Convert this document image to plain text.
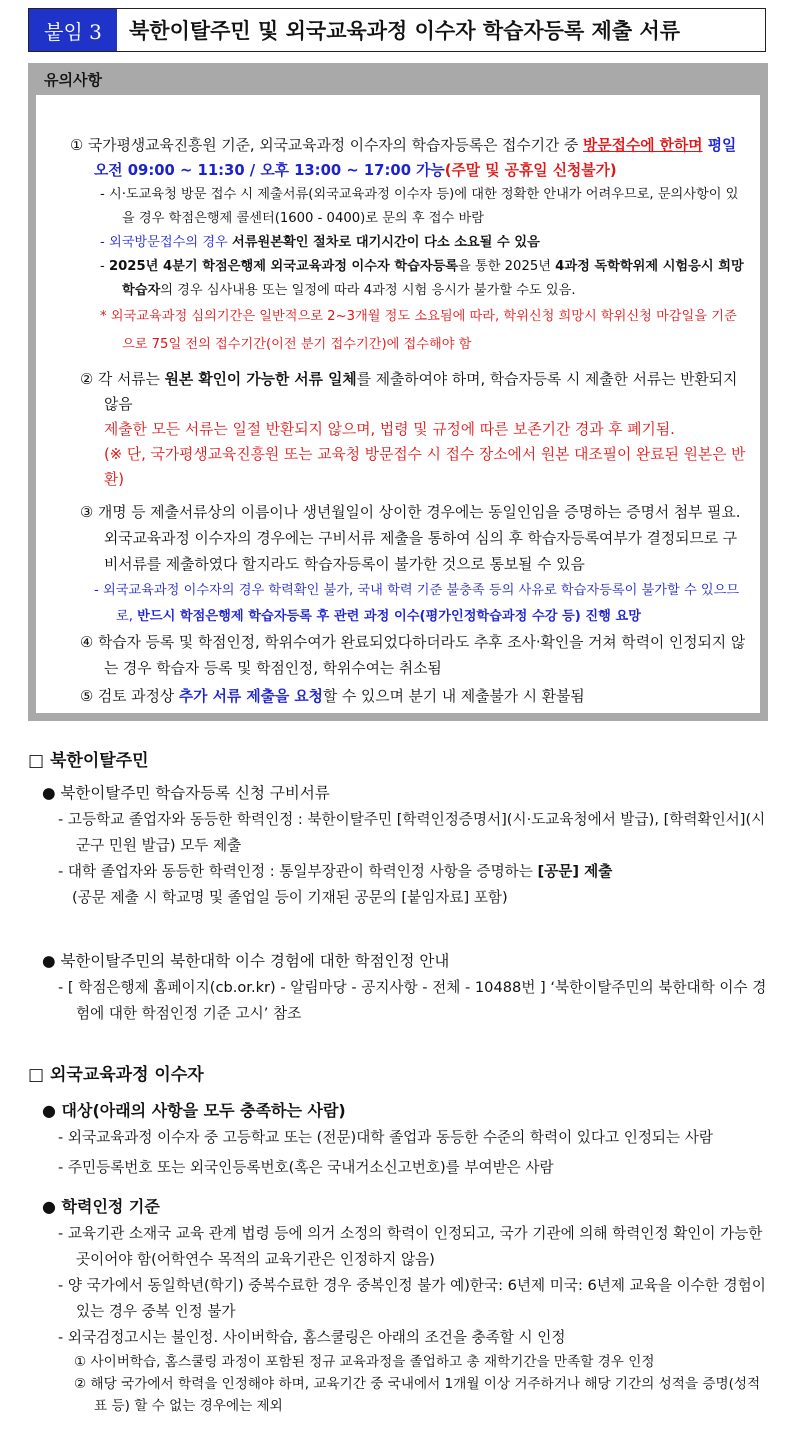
붙임 3	북한이탈주민 및 외국교육과정 이수자 학습자등록 제출 서류
유의사항

① 국가평생교육진흥원 기준, 외국교육과정 이수자의 학습자등록은 접수기간 중 방문접수에 한하며 평일 오전 09:00 ~ 11:30 / 오후 13:00 ~ 17:00 가능(주말 및 공휴일 신청불가)

- 시·도교육청 방문 접수 시 제출서류(외국교육과정 이수자 등)에 대한 정확한 안내가 어려우므로, 문의사항이 있을 경우 학점은행제 콜센터(1600 - 0400)로 문의 후 접수 바람

- 외국방문접수의 경우 서류원본확인 절차로 대기시간이 다소 소요될 수 있음

- 2025년 4분기 학점은행제 외국교육과정 이수자 학습자등록을 통한 2025년 4과정 독학학위제 시험응시 희망 학습자의 경우 심사내용 또는 일정에 따라 4과정 시험 응시가 불가할 수도 있음.

* 외국교육과정 심의기간은 일반적으로 2~3개월 정도 소요됨에 따라, 학위신청 희망시 학위신청 마감일을 기준으로 75일 전의 접수기간(이전 분기 접수기간)에 접수해야 함

② 각 서류는 원본 확인이 가능한 서류 일체를 제출하여야 하며, 학습자등록 시 제출한 서류는 반환되지 않음

제출한 모든 서류는 일절 반환되지 않으며, 법령 및 규정에 따른 보존기간 경과 후 폐기됨.

(※ 단, 국가평생교육진흥원 또는 교육청 방문접수 시 접수 장소에서 원본 대조필이 완료된 원본은 반환)

③ 개명 등 제출서류상의 이름이나 생년월일이 상이한 경우에는 동일인임을 증명하는 증명서 첨부 필요. 외국교육과정 이수자의 경우에는 구비서류 제출을 통하여 심의 후 학습자등록여부가 결정되므로 구비서류를 제출하였다 할지라도 학습자등록이 불가한 것으로 통보될 수 있음

- 외국교육과정 이수자의 경우 학력확인 불가, 국내 학력 기준 불충족 등의 사유로 학습자등록이 불가할 수 있으므로, 반드시 학점은행제 학습자등록 후 관련 과정 이수(평가인정학습과정 수강 등) 진행 요망

④ 학습자 등록 및 학점인정, 학위수여가 완료되었다하더라도 추후 조사·확인을 거쳐 학력이 인정되지 않는 경우 학습자 등록 및 학점인정, 학위수여는 취소됨

⑤ 검토 과정상 추가 서류 제출을 요청할 수 있으며 분기 내 제출불가 시 환불됨

□ 북한이탈주민

● 북한이탈주민 학습자등록 신청 구비서류

- 고등학교 졸업자와 동등한 학력인정 : 북한이탈주민 [학력인정증명서](시·도교육청에서 발급), [학력확인서](시군구 민원 발급) 모두 제출

- 대학 졸업자와 동등한 학력인정 : 통일부장관이 학력인정 사항을 증명하는 [공문] 제출

(공문 제출 시 학교명 및 졸업일 등이 기재된 공문의 [붙임자료] 포함)

● 북한이탈주민의 북한대학 이수 경험에 대한 학점인정 안내

- [ 학점은행제 홈페이지(cb.or.kr) - 알림마당 - 공지사항 - 전체 - 10488번 ] ‘북한이탈주민의 북한대학 이수 경험에 대한 학점인정 기준 고시’ 참조

□ 외국교육과정 이수자

● 대상(아래의 사항을 모두 충족하는 사람)

- 외국교육과정 이수자 중 고등학교 또는 (전문)대학 졸업과 동등한 수준의 학력이 있다고 인정되는 사람

- 주민등록번호 또는 외국인등록번호(혹은 국내거소신고번호)를 부여받은 사람

● 학력인정 기준

- 교육기관 소재국 교육 관계 법령 등에 의거 소정의 학력이 인정되고, 국가 기관에 의해 학력인정 확인이 가능한 곳이어야 함(어학연수 목적의 교육기관은 인정하지 않음)

- 양 국가에서 동일학년(학기) 중복수료한 경우 중복인정 불가 예)한국: 6년제 미국: 6년제 교육을 이수한 경험이 있는 경우 중복 인정 불가

- 외국검정고시는 불인정. 사이버학습, 홈스쿨링은 아래의 조건을 충족할 시 인정

① 사이버학습, 홈스쿨링 과정이 포함된 정규 교육과정을 졸업하고 총 재학기간을 만족할 경우 인정

② 해당 국가에서 학력을 인정해야 하며, 교육기간 중 국내에서 1개월 이상 거주하거나 해당 기간의 성적을 증명(성적표 등) 할 수 없는 경우에는 제외
